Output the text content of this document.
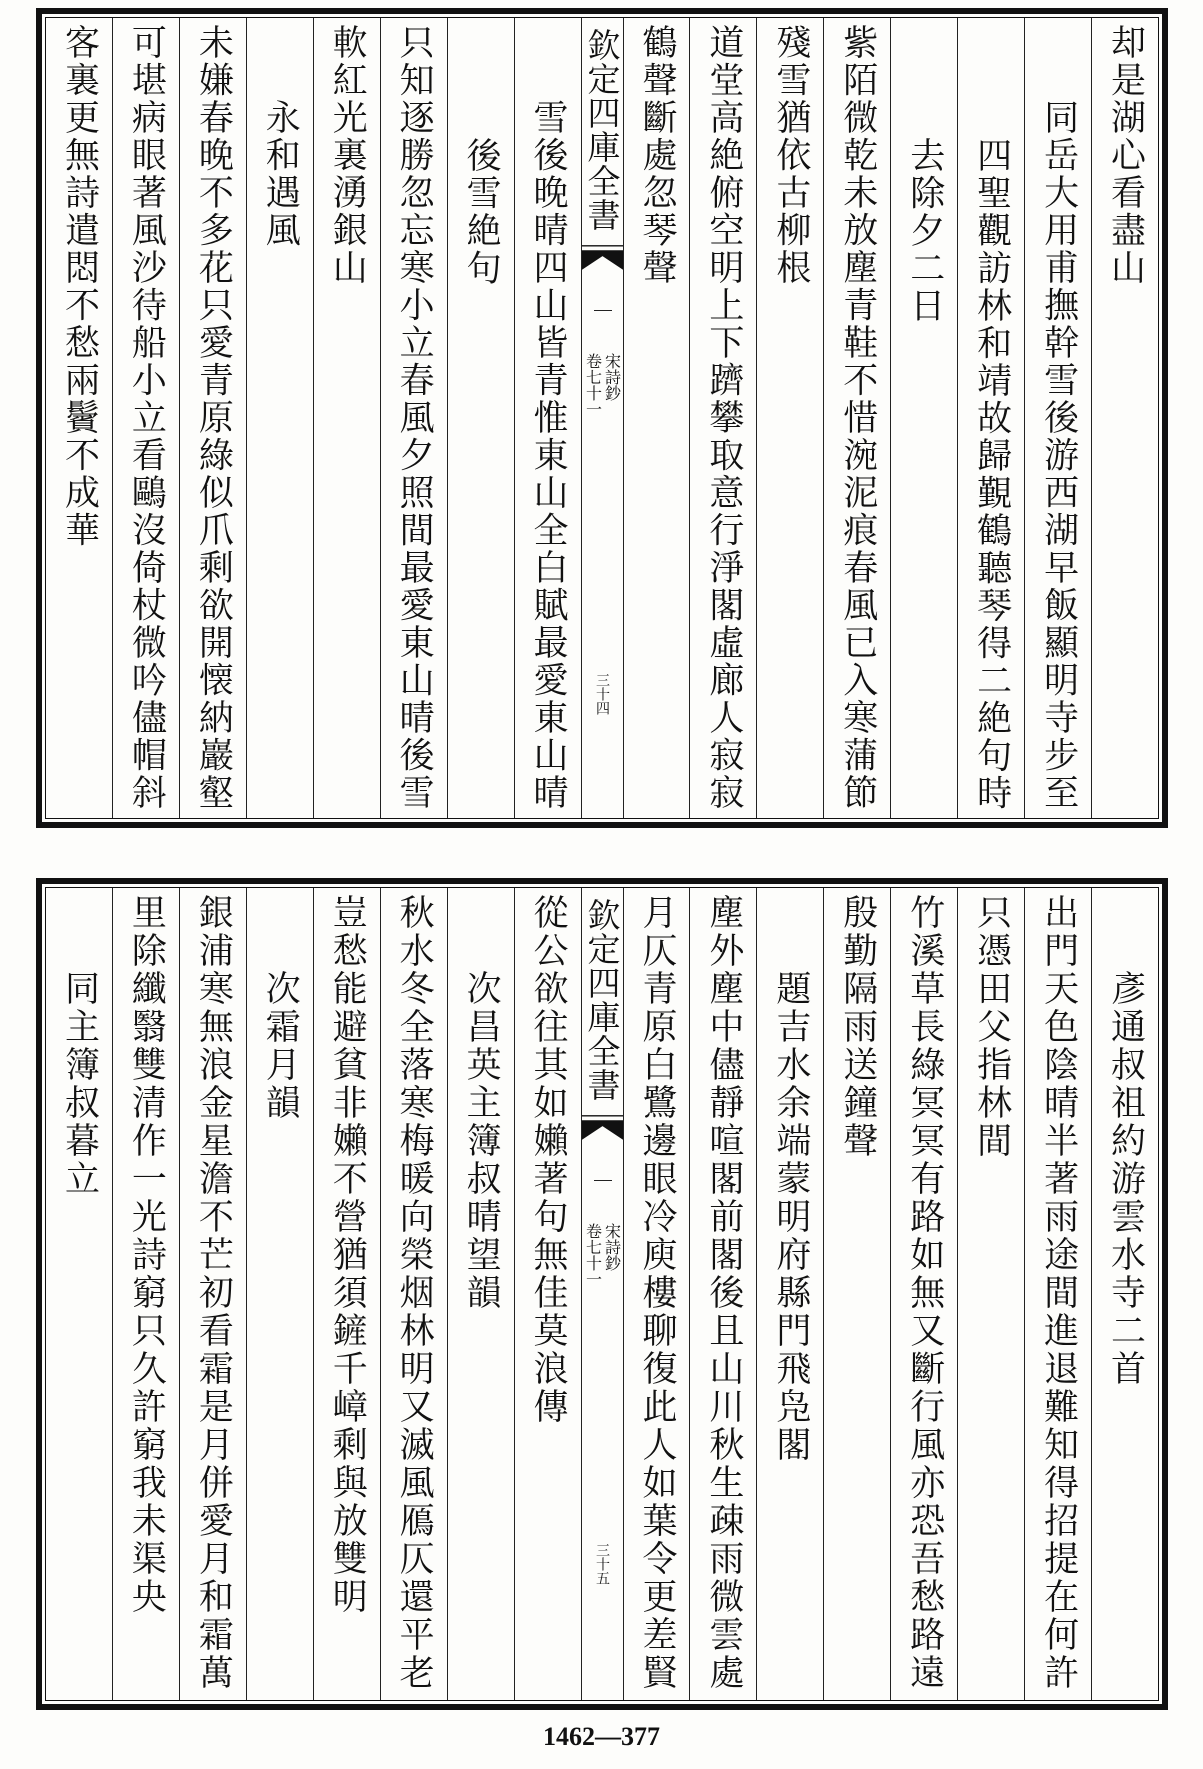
却是湖心看盡山
同岳大用甫撫幹雪後游西湖早飯顯明寺步至
四聖觀訪林和靖故歸覲鶴聽琴得二絶句時
去除夕二日
紫陌微乾未放塵青鞋不惜涴泥痕春風已入寒蒲節
殘雪猶依古柳根
道堂高絶俯空明上下躋攀取意行淨閣虛廊人寂寂
鶴聲斷處忽琴聲
欽定四庫全書
宋詩鈔
卷七十一
三十四
雪後晚晴四山皆青惟東山全白賦最愛東山晴
後雪絶句
只知逐勝忽忘寒小立春風夕照間最愛東山晴後雪
軟紅光裏湧銀山
永和遇風
未嫌春晚不多花只愛青原綠似爪剩欲開懐納巖壑
可堪病眼著風沙待船小立看鷗沒倚杖微吟儘帽斜
客裏更無詩遣悶不愁兩鬢不成華
彥通叔祖約游雲水寺二首
出門天色陰晴半著雨途間進退難知得招提在何許
只憑田父指林間
竹溪草長綠冥冥有路如無又斷行風亦恐吾愁路遠
殷勤隔雨送鐘聲
題吉水余端蒙明府縣門飛凫閣
塵外塵中儘靜喧閣前閣後且山川秋生疎雨微雲處
月仄青原白鷺邊眼冷庾樓聊復此人如葉令更差賢
欽定四庫全書
宋詩鈔
卷七十一
三十五
從公欲往其如嬾著句無佳莫浪傳
次昌英主簿叔晴望韻
秋水冬全落寒梅暖向榮烟林明又滅風鴈仄還平老
豈愁能避貧非嬾不營猶須鏟千嶂剩與放雙明
次霜月韻
銀浦寒無浪金星澹不芒初看霜是月併愛月和霜萬
里除纖翳雙清作一光詩窮只久許窮我未渠央
同主簿叔暮立
1462—377
